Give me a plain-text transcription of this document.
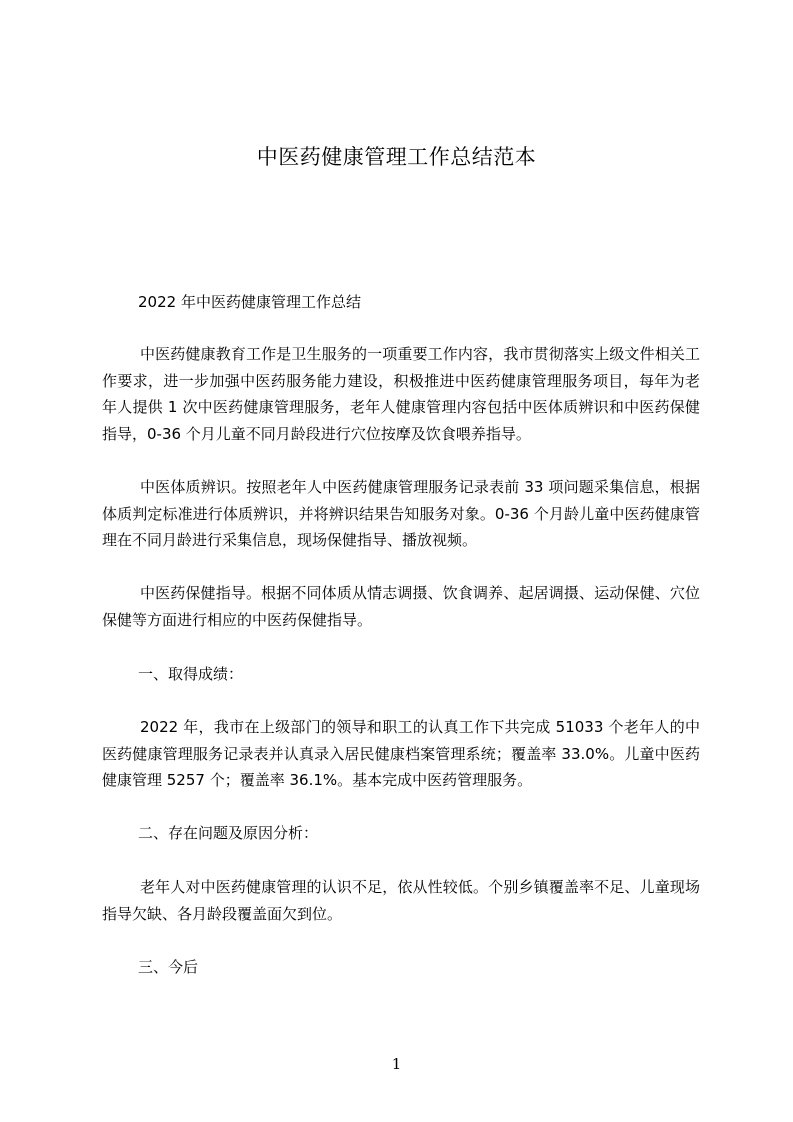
中医药健康管理工作总结范本
2022 年中医药健康管理工作总结
中医药健康教育工作是卫生服务的一项重要工作内容，我市贯彻落实上级文件相关工作要求，进一步加强中医药服务能力建设，积极推进中医药健康管理服务项目，每年为老年人提供 1 次中医药健康管理服务，老年人健康管理内容包括中医体质辨识和中医药保健指导，0-36 个月儿童不同月龄段进行穴位按摩及饮食喂养指导。
中医体质辨识。按照老年人中医药健康管理服务记录表前 33 项问题采集信息，根据体质判定标准进行体质辨识，并将辨识结果告知服务对象。0-36 个月龄儿童中医药健康管理在不同月龄进行采集信息，现场保健指导、播放视频。
中医药保健指导。根据不同体质从情志调摄、饮食调养、起居调摄、运动保健、穴位保健等方面进行相应的中医药保健指导。
一、取得成绩：
2022 年，我市在上级部门的领导和职工的认真工作下共完成 51033 个老年人的中医药健康管理服务记录表并认真录入居民健康档案管理系统；覆盖率 33.0%。儿童中医药健康管理 5257 个；覆盖率 36.1%。基本完成中医药管理服务。
二、存在问题及原因分析：
老年人对中医药健康管理的认识不足，依从性较低。个别乡镇覆盖率不足、儿童现场指导欠缺、各月龄段覆盖面欠到位。
三、今后
1
